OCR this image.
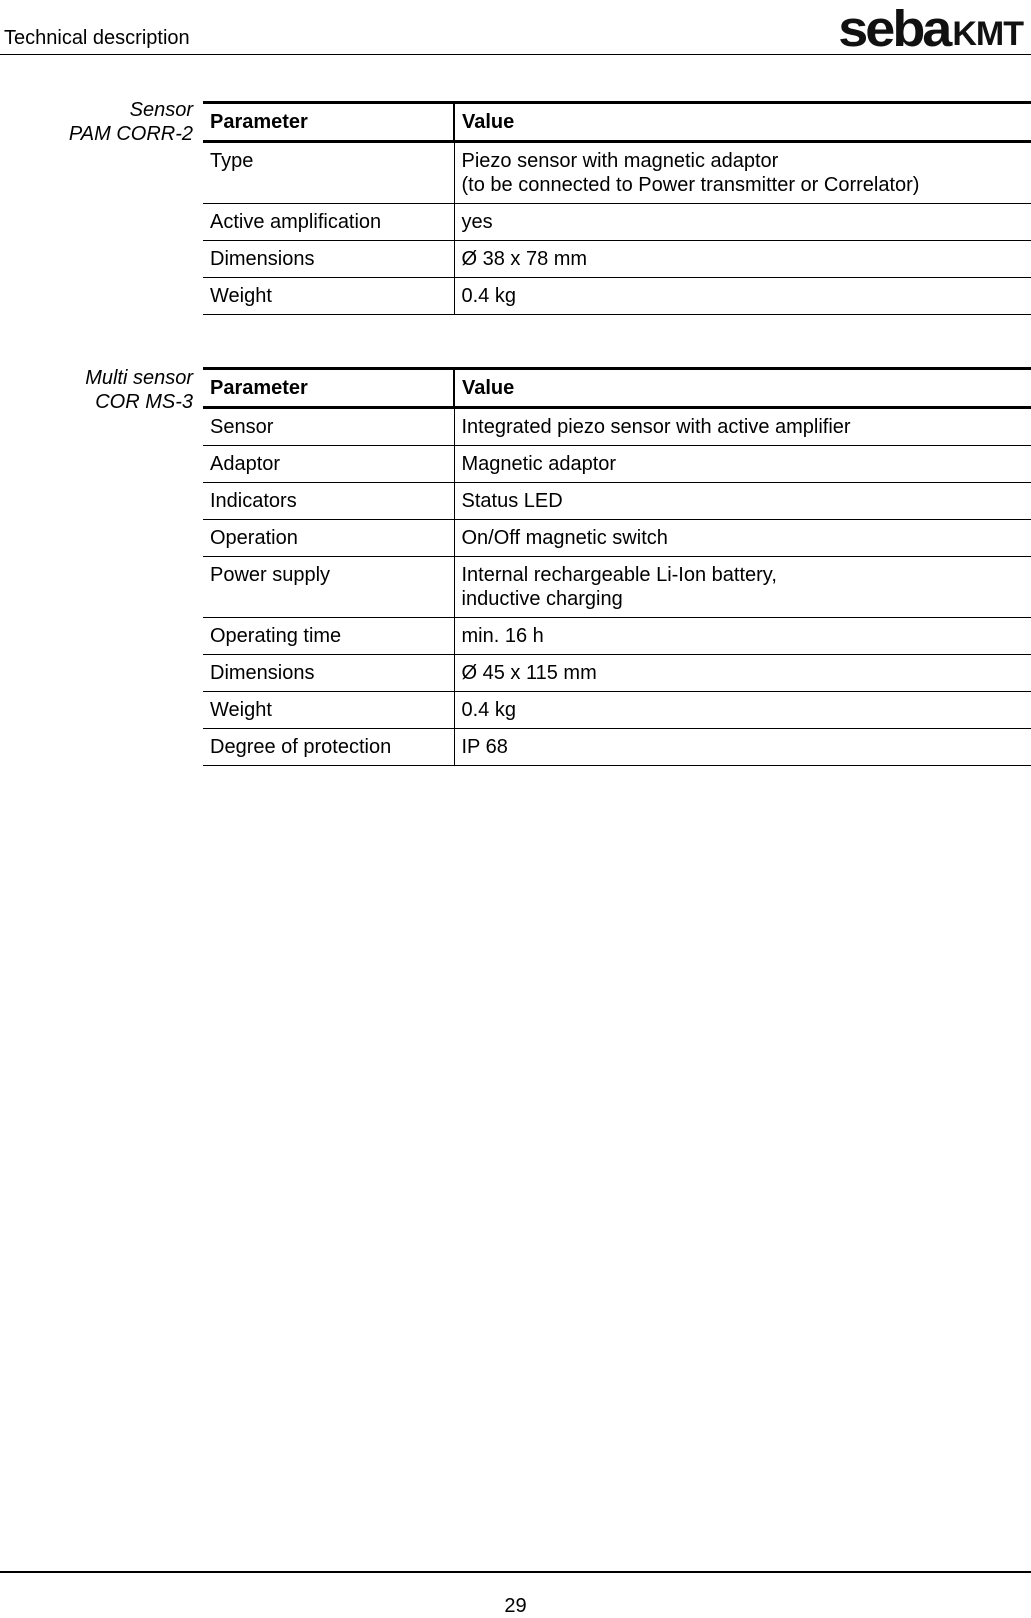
Technical description	seba KMT
Sensor
PAM CORR-2
Parameter	Value
Type	Piezo sensor with magnetic adaptor
(to be connected to Power transmitter or Correlator)

Active amplification	yes
Dimensions	Ø 38 x 78 mm
Weight	0.4 kg
Multi sensor
COR MS-3
Parameter	Value
Sensor	Integrated piezo sensor with active amplifier
Adaptor	Magnetic adaptor
Indicators	Status LED
Operation	On/Off magnetic switch
Power supply	Internal rechargeable Li-Ion battery,
inductive charging

Operating time	min. 16 h
Dimensions	Ø 45 x 115 mm
Weight	0.4 kg
Degree of protection	IP 68
29
